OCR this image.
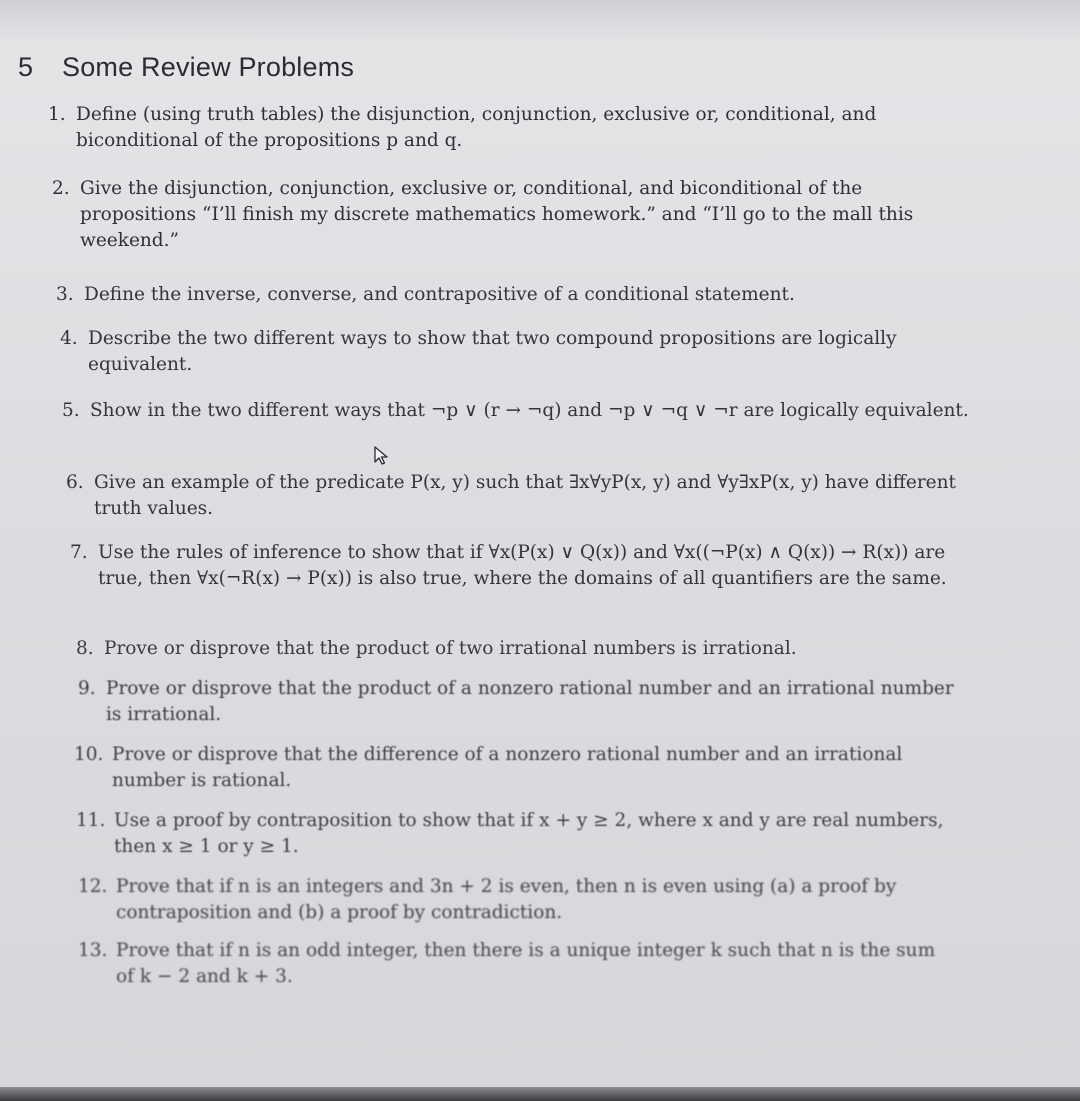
5 Some Review Problems
1. Define (using truth tables) the disjunction, conjunction, exclusive or, conditional, and biconditional of the propositions p and q.
2. Give the disjunction, conjunction, exclusive or, conditional, and biconditional of the propositions “I’ll finish my discrete mathematics homework.” and “I’ll go to the mall this weekend.”
3. Define the inverse, converse, and contrapositive of a conditional statement.
4. Describe the two different ways to show that two compound propositions are logically equivalent.
5. Show in the two different ways that ¬p ∨ (r → ¬q) and ¬p ∨ ¬q ∨ ¬r are logically equivalent.
6. Give an example of the predicate P(x, y) such that ∃x∀yP(x, y) and ∀y∃xP(x, y) have different truth values.
7. Use the rules of inference to show that if ∀x(P(x) ∨ Q(x)) and ∀x((¬P(x) ∧ Q(x)) → R(x)) are true, then ∀x(¬R(x) → P(x)) is also true, where the domains of all quantifiers are the same.
8. Prove or disprove that the product of two irrational numbers is irrational.
9. Prove or disprove that the product of a nonzero rational number and an irrational number is irrational.
10. Prove or disprove that the difference of a nonzero rational number and an irrational number is rational.
11. Use a proof by contraposition to show that if x + y ≥ 2, where x and y are real numbers, then x ≥ 1 or y ≥ 1.
12. Prove that if n is an integers and 3n + 2 is even, then n is even using (a) a proof by contraposition and (b) a proof by contradiction.
13. Prove that if n is an odd integer, then there is a unique integer k such that n is the sum of k − 2 and k + 3.
